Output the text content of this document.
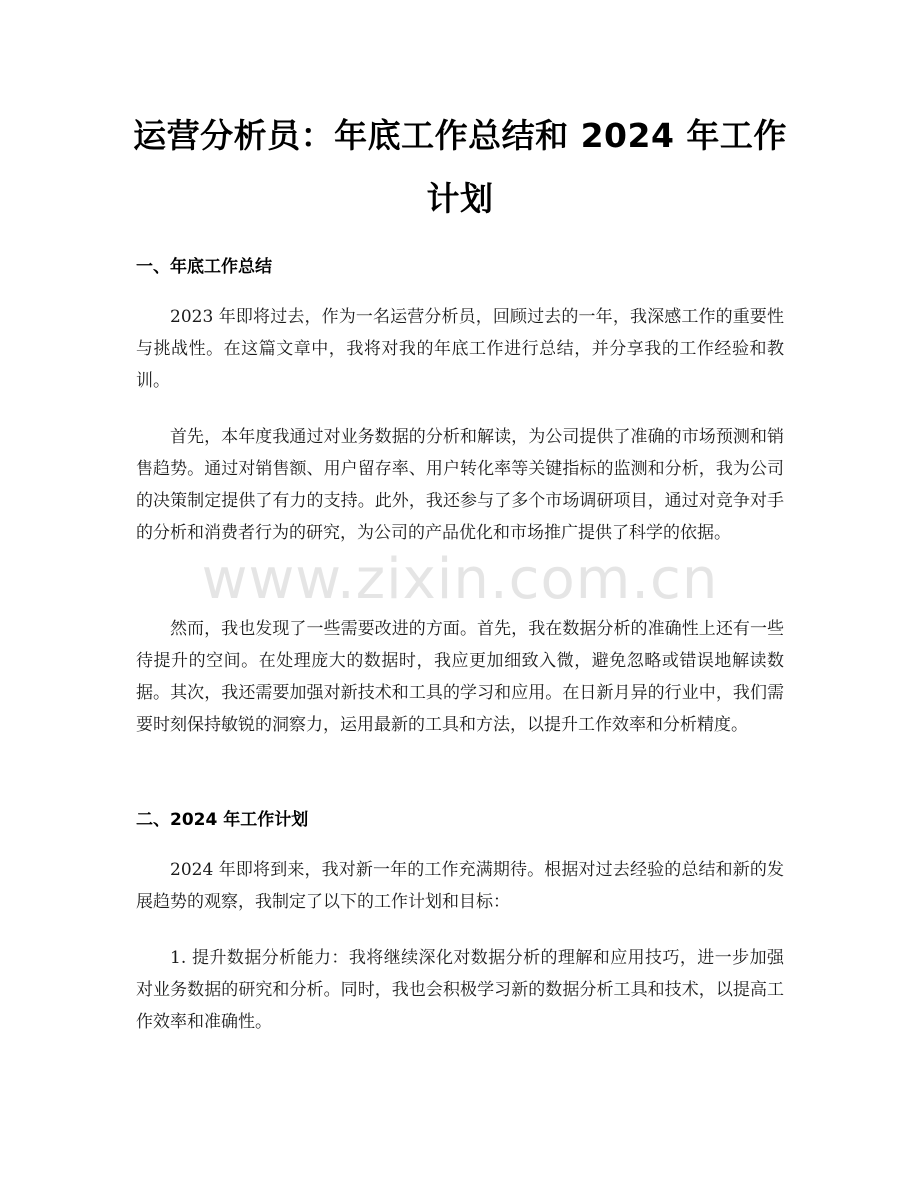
运营分析员：年底工作总结和 2024 年工作计划
一、年底工作总结
2023 年即将过去，作为一名运营分析员，回顾过去的一年，我深感工作的重要性与挑战性。在这篇文章中，我将对我的年底工作进行总结，并分享我的工作经验和教训。
首先，本年度我通过对业务数据的分析和解读，为公司提供了准确的市场预测和销售趋势。通过对销售额、用户留存率、用户转化率等关键指标的监测和分析，我为公司的决策制定提供了有力的支持。此外，我还参与了多个市场调研项目，通过对竞争对手的分析和消费者行为的研究，为公司的产品优化和市场推广提供了科学的依据。
然而，我也发现了一些需要改进的方面。首先，我在数据分析的准确性上还有一些待提升的空间。在处理庞大的数据时，我应更加细致入微，避免忽略或错误地解读数据。其次，我还需要加强对新技术和工具的学习和应用。在日新月异的行业中，我们需要时刻保持敏锐的洞察力，运用最新的工具和方法，以提升工作效率和分析精度。
二、2024 年工作计划
2024 年即将到来，我对新一年的工作充满期待。根据对过去经验的总结和新的发展趋势的观察，我制定了以下的工作计划和目标：
1. 提升数据分析能力：我将继续深化对数据分析的理解和应用技巧，进一步加强对业务数据的研究和分析。同时，我也会积极学习新的数据分析工具和技术，以提高工作效率和准确性。
www.zixin.com.cn
